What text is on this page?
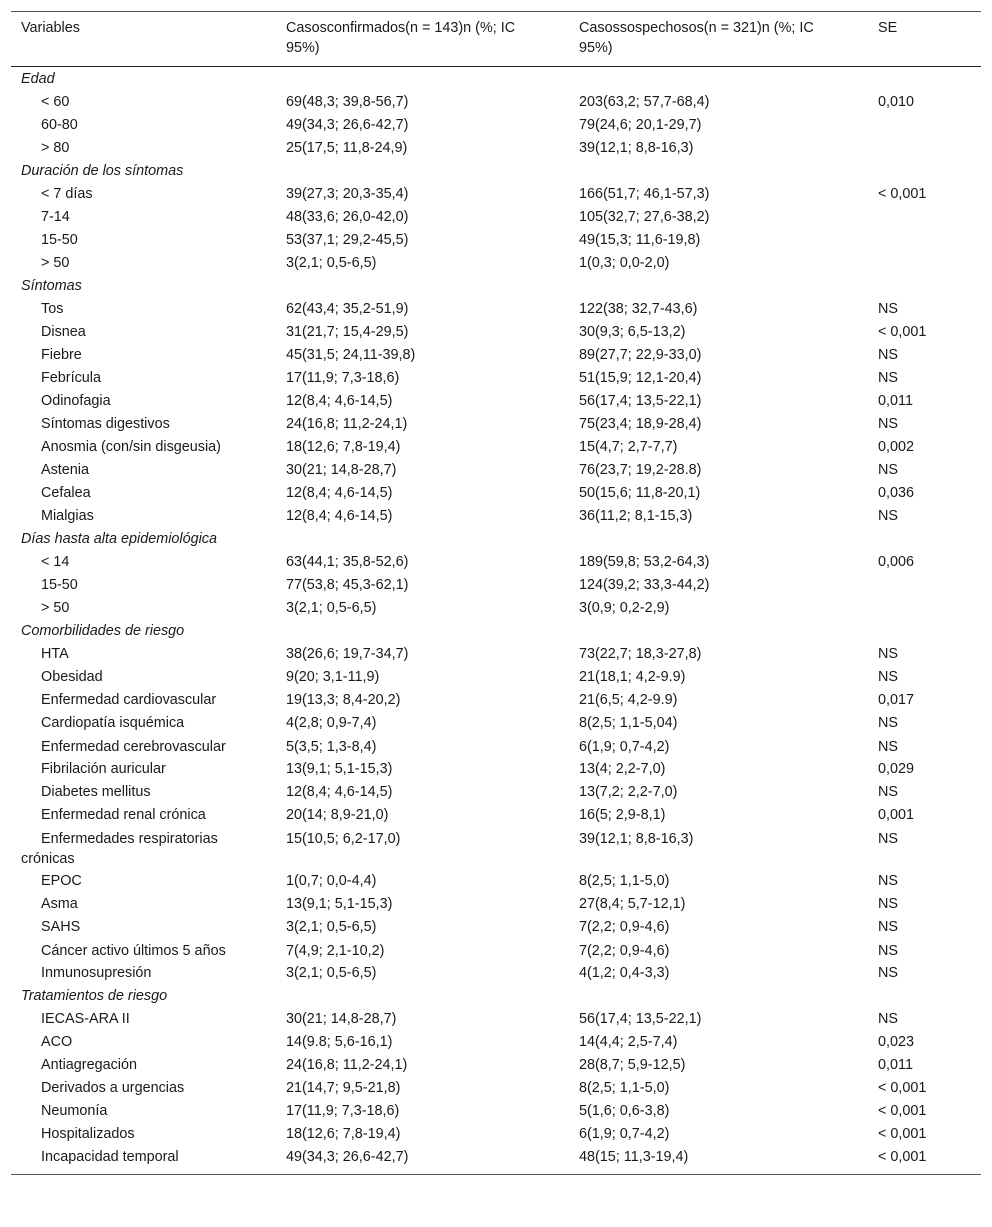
Variables	Casosconfirmados(n = 143)n (%; IC 95%)	Casossospechosos(n = 321)n (%; IC 95%)	SE
Edad			
< 60	69(48,3; 39,8-56,7)	203(63,2; 57,7-68,4)	0,010
60-80	49(34,3; 26,6-42,7)	79(24,6; 20,1-29,7)	
> 80	25(17,5; 11,8-24,9)	39(12,1; 8,8-16,3)	
Duración de los síntomas			
< 7 días	39(27,3; 20,3-35,4)	166(51,7; 46,1-57,3)	< 0,001
7-14	48(33,6; 26,0-42,0)	105(32,7; 27,6-38,2)	
15-50	53(37,1; 29,2-45,5)	49(15,3; 11,6-19,8)	
> 50	3(2,1; 0,5-6,5)	1(0,3; 0,0-2,0)	
Síntomas			
Tos	62(43,4; 35,2-51,9)	122(38; 32,7-43,6)	NS
Disnea	31(21,7; 15,4-29,5)	30(9,3; 6,5-13,2)	< 0,001
Fiebre	45(31,5; 24,11-39,8)	89(27,7; 22,9-33,0)	NS
Febrícula	17(11,9; 7,3-18,6)	51(15,9; 12,1-20,4)	NS
Odinofagia	12(8,4; 4,6-14,5)	56(17,4; 13,5-22,1)	0,011
Síntomas digestivos	24(16,8; 11,2-24,1)	75(23,4; 18,9-28,4)	NS
Anosmia (con/sin disgeusia)	18(12,6; 7,8-19,4)	15(4,7; 2,7-7,7)	0,002
Astenia	30(21; 14,8-28,7)	76(23,7; 19,2-28.8)	NS
Cefalea	12(8,4; 4,6-14,5)	50(15,6; 11,8-20,1)	0,036
Mialgias	12(8,4; 4,6-14,5)	36(11,2; 8,1-15,3)	NS
Días hasta alta epidemiológica			
< 14	63(44,1; 35,8-52,6)	189(59,8; 53,2-64,3)	0,006
15-50	77(53,8; 45,3-62,1)	124(39,2; 33,3-44,2)	
> 50	3(2,1; 0,5-6,5)	3(0,9; 0,2-2,9)	
Comorbilidades de riesgo			
HTA	38(26,6; 19,7-34,7)	73(22,7; 18,3-27,8)	NS
Obesidad	9(20; 3,1-11,9)	21(18,1; 4,2-9.9)	NS
Enfermedad cardiovascular	19(13,3; 8,4-20,2)	21(6,5; 4,2-9.9)	0,017
Cardiopatía isquémica	4(2,8; 0,9-7,4)	8(2,5; 1,1-5,04)	NS
Enfermedad cerebrovascular	5(3,5; 1,3-8,4)	6(1,9; 0,7-4,2)	NS
Fibrilación auricular	13(9,1; 5,1-15,3)	13(4; 2,2-7,0)	0,029
Diabetes mellitus	12(8,4; 4,6-14,5)	13(7,2; 2,2-7,0)	NS
Enfermedad renal crónica	20(14; 8,9-21,0)	16(5; 2,9-8,1)	0,001
Enfermedades respiratorias crónicas	15(10,5; 6,2-17,0)	39(12,1; 8,8-16,3)	NS
EPOC	1(0,7; 0,0-4,4)	8(2,5; 1,1-5,0)	NS
Asma	13(9,1; 5,1-15,3)	27(8,4; 5,7-12,1)	NS
SAHS	3(2,1; 0,5-6,5)	7(2,2; 0,9-4,6)	NS
Cáncer activo últimos 5 años	7(4,9; 2,1-10,2)	7(2,2; 0,9-4,6)	NS
Inmunosupresión	3(2,1; 0,5-6,5)	4(1,2; 0,4-3,3)	NS
Tratamientos de riesgo			
IECAS-ARA II	30(21; 14,8-28,7)	56(17,4; 13,5-22,1)	NS
ACO	14(9.8; 5,6-16,1)	14(4,4; 2,5-7,4)	0,023
Antiagregación	24(16,8; 11,2-24,1)	28(8,7; 5,9-12,5)	0,011
Derivados a urgencias	21(14,7; 9,5-21,8)	8(2,5; 1,1-5,0)	< 0,001
Neumonía	17(11,9; 7,3-18,6)	5(1,6; 0,6-3,8)	< 0,001
Hospitalizados	18(12,6; 7,8-19,4)	6(1,9; 0,7-4,2)	< 0,001
Incapacidad temporal	49(34,3; 26,6-42,7)	48(15; 11,3-19,4)	< 0,001
